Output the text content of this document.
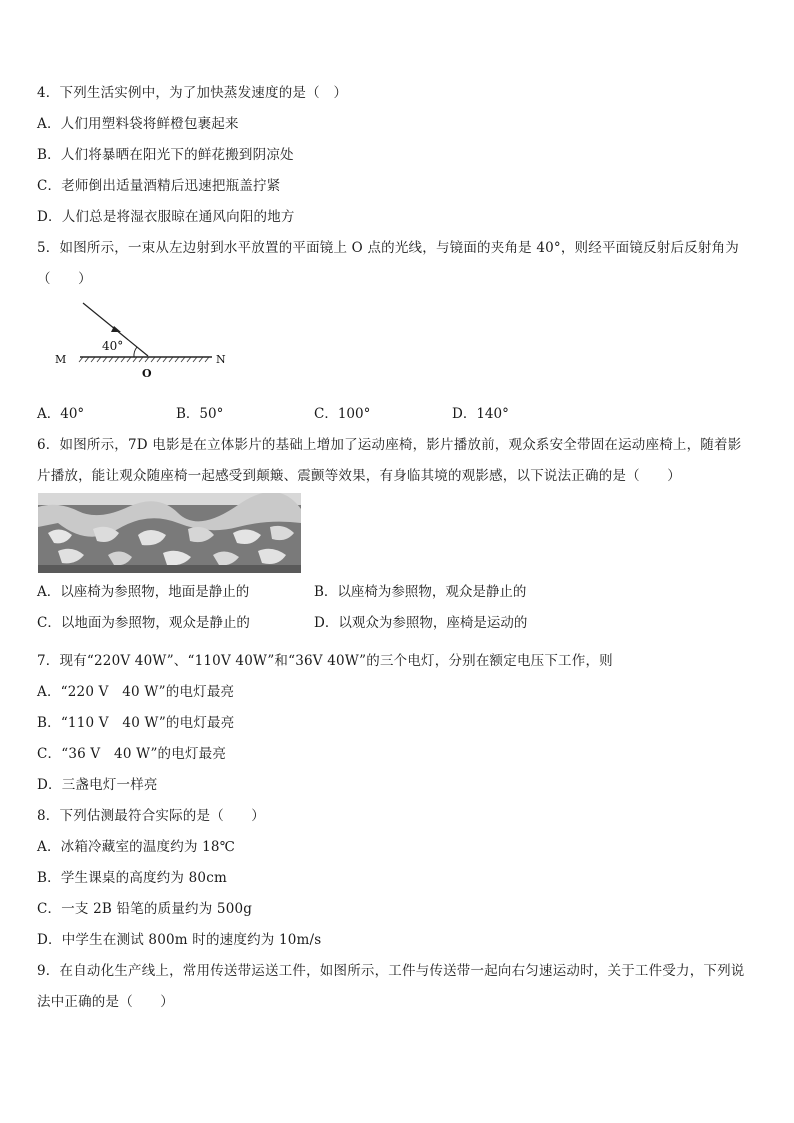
4．下列生活实例中，为了加快蒸发速度的是（　）
A．人们用塑料袋将鲜橙包裹起来
B．人们将暴晒在阳光下的鲜花搬到阴凉处
C．老师倒出适量酒精后迅速把瓶盖拧紧
D．人们总是将湿衣服晾在通风向阳的地方
5．如图所示，一束从左边射到水平放置的平面镜上 O 点的光线，与镜面的夹角是 40°，则经平面镜反射后反射角为
（　　）
40°
M	N
O
A．40°	B．50°	C．100°	D．140°
6．如图所示，7D 电影是在立体影片的基础上增加了运动座椅，影片播放前，观众系安全带固在运动座椅上，随着影
片播放，能让观众随座椅一起感受到颠簸、震颤等效果，有身临其境的观影感，以下说法正确的是（　　）
A．以座椅为参照物，地面是静止的	B．以座椅为参照物，观众是静止的
C．以地面为参照物，观众是静止的	D．以观众为参照物，座椅是运动的
7．现有“220V 40W”、“110V 40W”和“36V 40W”的三个电灯，分别在额定电压下工作，则
A．“220 V　40 W”的电灯最亮
B．“110 V　40 W”的电灯最亮
C．“36 V　40 W”的电灯最亮
D．三盏电灯一样亮
8．下列估测最符合实际的是（　　）
A．冰箱冷藏室的温度约为 18℃
B．学生课桌的高度约为 80cm
C．一支 2B 铅笔的质量约为 500g
D．中学生在测试 800m 时的速度约为 10m/s
9．在自动化生产线上，常用传送带运送工件，如图所示，工件与传送带一起向右匀速运动时，关于工件受力，下列说
法中正确的是（　　）
